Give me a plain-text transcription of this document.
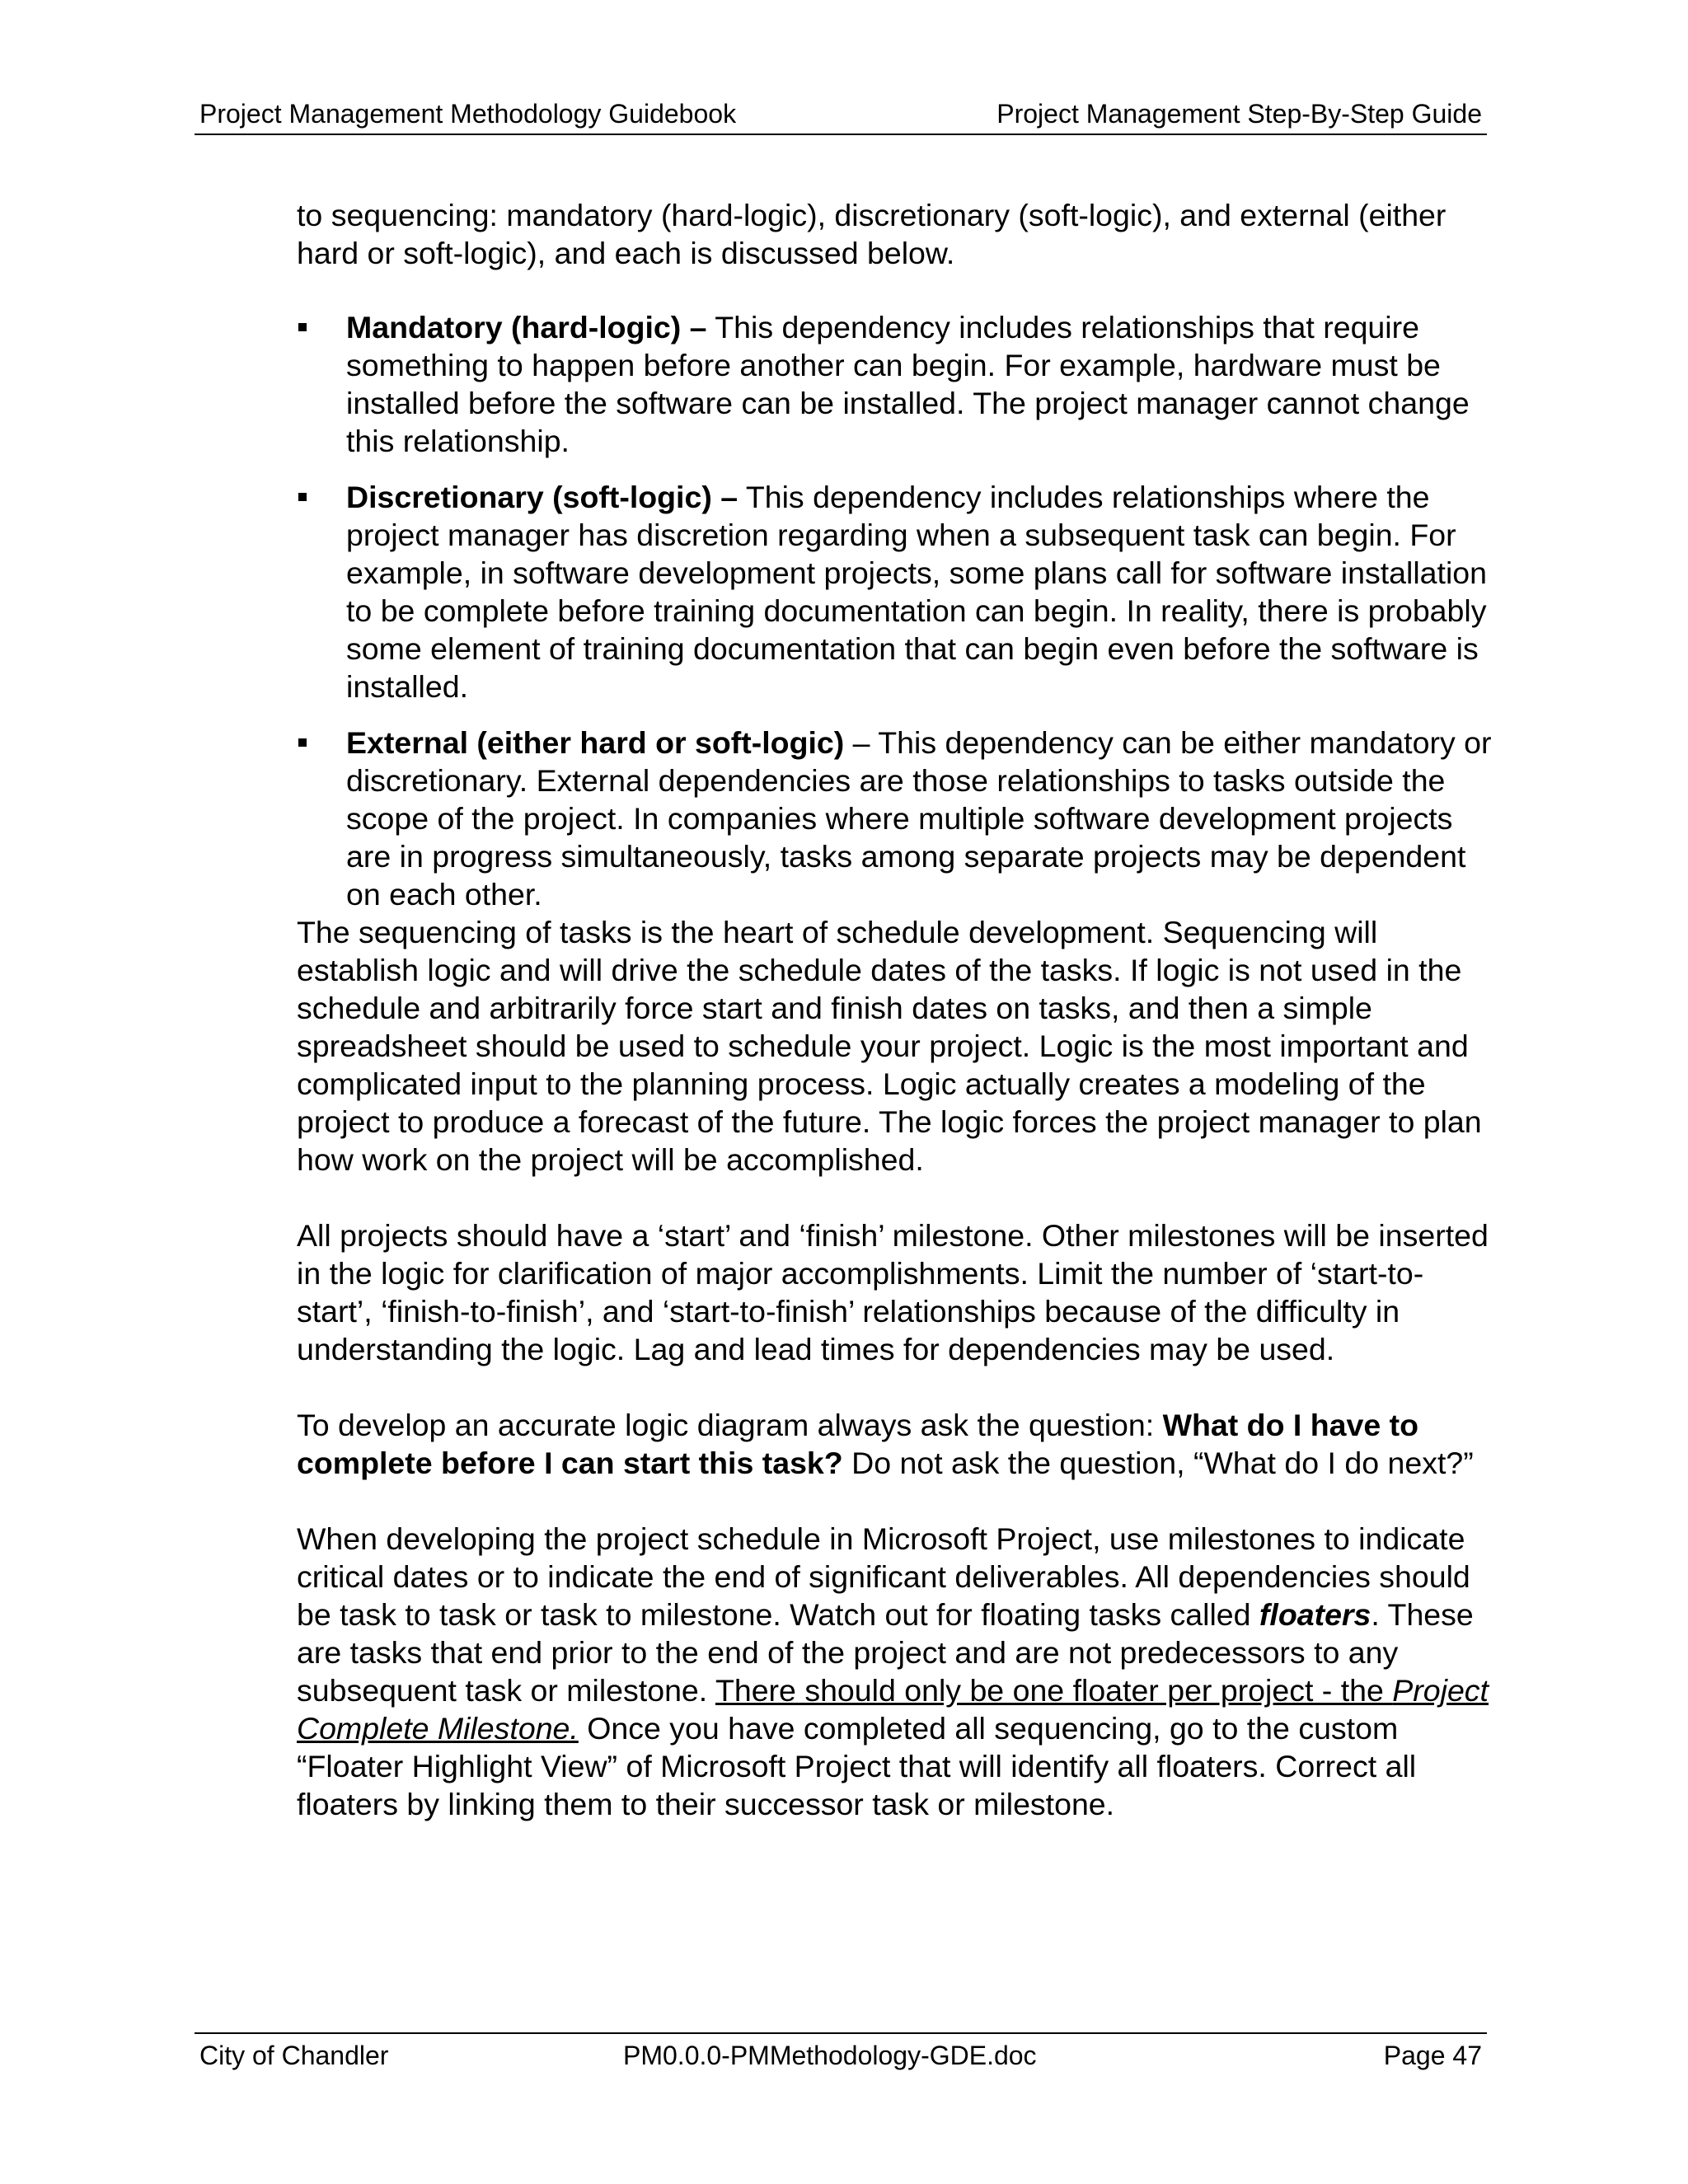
Project Management Methodology Guidebook	Project Management Step-By-Step Guide

to sequencing: mandatory (hard-logic), discretionary (soft-logic), and external (either hard or soft-logic), and each is discussed below.

Mandatory (hard-logic) – This dependency includes relationships that require something to happen before another can begin. For example, hardware must be installed before the software can be installed. The project manager cannot change this relationship.
Discretionary (soft-logic) – This dependency includes relationships where the project manager has discretion regarding when a subsequent task can begin. For example, in software development projects, some plans call for software installation to be complete before training documentation can begin. In reality, there is probably some element of training documentation that can begin even before the software is installed.
External (either hard or soft-logic) – This dependency can be either mandatory or discretionary. External dependencies are those relationships to tasks outside the scope of the project. In companies where multiple software development projects are in progress simultaneously, tasks among separate projects may be dependent on each other.

The sequencing of tasks is the heart of schedule development. Sequencing will establish logic and will drive the schedule dates of the tasks. If logic is not used in the schedule and arbitrarily force start and finish dates on tasks, and then a simple spreadsheet should be used to schedule your project. Logic is the most important and complicated input to the planning process. Logic actually creates a modeling of the project to produce a forecast of the future. The logic forces the project manager to plan how work on the project will be accomplished.

All projects should have a ‘start’ and ‘finish’ milestone. Other milestones will be inserted in the logic for clarification of major accomplishments. Limit the number of ‘start-to-start’, ‘finish-to-finish’, and ‘start-to-finish’ relationships because of the difficulty in understanding the logic. Lag and lead times for dependencies may be used.

To develop an accurate logic diagram always ask the question: What do I have to complete before I can start this task? Do not ask the question, “What do I do next?”

When developing the project schedule in Microsoft Project, use milestones to indicate critical dates or to indicate the end of significant deliverables. All dependencies should be task to task or task to milestone. Watch out for floating tasks called floaters. These are tasks that end prior to the end of the project and are not predecessors to any subsequent task or milestone. There should only be one floater per project - the Project Complete Milestone. Once you have completed all sequencing, go to the custom “Floater Highlight View” of Microsoft Project that will identify all floaters. Correct all floaters by linking them to their successor task or milestone.

City of Chandler	PM0.0.0-PMMethodology-GDE.doc	Page 47
